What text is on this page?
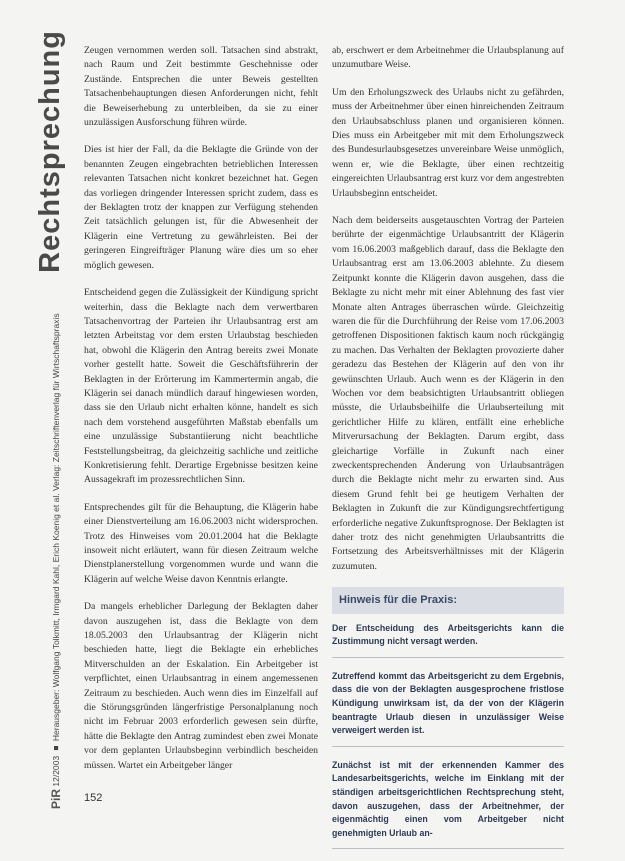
Rechtsprechung
PiR 12/2003 ■ Herausgeber: Wolfgang Tolkmitt, Irmgard Kahl, Erich Koenig et al. Verlag: Zeitschriftenverlag für Wirtschaftspraxis

Zeugen vernommen werden soll. Tatsachen sind abstrakt, nach Raum und Zeit bestimmte Geschehnisse oder Zustände. Entsprechen die unter Beweis gestellten Tatsachenbehauptungen diesen Anforderungen nicht, fehlt die Beweiserhebung zu unterbleiben, da sie zu einer unzulässigen Ausforschung führen würde.

Dies ist hier der Fall, da die Beklagte die Gründe von der benannten Zeugen eingebrachten betrieblichen Interessen relevanten Tatsachen nicht konkret bezeichnet hat. Gegen das vorliegen dringender Interessen spricht zudem, dass es der Beklagten trotz der knappen zur Verfügung stehenden Zeit tatsächlich gelungen ist, für die Abwesenheit der Klägerin eine Vertretung zu gewährleisten. Bei der geringeren Eingreifträger Planung wäre dies um so eher möglich gewesen.

Entscheidend gegen die Zulässigkeit der Kündigung spricht weiterhin, dass die Beklagte nach dem verwertbaren Tatsachenvortrag der Parteien ihr Urlaubsantrag erst am letzten Arbeitstag vor dem ersten Urlaubstag beschieden hat, obwohl die Klägerin den Antrag bereits zwei Monate vorher gestellt hatte. Soweit die Geschäftsführerin der Beklagten in der Erörterung im Kammertermin angab, die Klägerin sei danach mündlich darauf hingewiesen worden, dass sie den Urlaub nicht erhalten könne, handelt es sich nach dem vorstehend ausgeführten Maßstab ebenfalls um eine unzulässige Substantiierung nicht beachtliche Feststellungsbeitrag, da gleichzeitig sachliche und zeitliche Konkretisierung fehlt. Derartige Ergebnisse besitzen keine Aussagekraft im prozessrechtlichen Sinn.

Entsprechendes gilt für die Behauptung, die Klägerin habe einer Dienstverteilung am 16.06.2003 nicht widersprochen. Trotz des Hinweises vom 20.01.2004 hat die Beklagte insoweit nicht erläutert, wann für diesen Zeitraum welche Dienstplanerstellung vorgenommen wurde und wann die Klägerin auf welche Weise davon Kenntnis erlangte.

Da mangels erheblicher Darlegung der Beklagten daher davon auszugehen ist, dass die Beklagte von dem 18.05.2003 den Urlaubsantrag der Klägerin nicht beschieden hatte, liegt die Beklagte ein erhebliches Mitverschulden an der Eskalation. Ein Arbeitgeber ist verpflichtet, einen Urlaubsantrag in einem angemessenen Zeitraum zu beschieden. Auch wenn dies im Einzelfall auf die Störungsgründen längerfristige Personalplanung noch nicht im Februar 2003 erforderlich gewesen sein dürfte, hätte die Beklagte den Antrag zumindest eben zwei Monate vor dem geplanten Urlaubsbeginn verbindlich bescheiden müssen. Wartet ein Arbeitgeber länger

ab, erschwert er dem Arbeitnehmer die Urlaubsplanung auf unzumutbare Weise.

Um den Erholungszweck des Urlaubs nicht zu gefährden, muss der Arbeitnehmer über einen hinreichenden Zeitraum den Urlaubsabschluss planen und organisieren können. Dies muss ein Arbeitgeber mit mit dem Erholungszweck des Bundesurlaubsgesetzes unvereinbare Weise unmöglich, wenn er, wie die Beklagte, über einen rechtzeitig eingereichten Urlaubsantrag erst kurz vor dem angestrebten Urlaubsbeginn entscheidet.

Nach dem beiderseits ausgetauschten Vortrag der Parteien berührte der eigenmächtige Urlaubsantritt der Klägerin vom 16.06.2003 maßgeblich darauf, dass die Beklagte den Urlaubsantrag erst am 13.06.2003 ablehnte. Zu diesem Zeitpunkt konnte die Klägerin davon ausgehen, dass die Beklagte zu nicht mehr mit einer Ablehnung des fast vier Monate alten Antrages überraschen würde. Gleichzeitig waren die für die Durchführung der Reise vom 17.06.2003 getroffenen Dispositionen faktisch kaum noch rückgängig zu machen. Das Verhalten der Beklagten provozierte daher geradezu das Bestehen der Klägerin auf den von ihr gewünschten Urlaub. Auch wenn es der Klägerin in den Wochen vor dem beabsichtigten Urlaubsantritt obliegen müsste, die Urlaubsbeihilfe die Urlaubserteilung mit gerichtlicher Hilfe zu klären, entfällt eine erhebliche Mitverursachung der Beklagten. Darum ergibt, dass gleichartige Vorfälle in Zukunft nach einer zweckentsprechenden Änderung von Urlaubsanträgen durch die Beklagte nicht mehr zu erwarten sind. Aus diesem Grund fehlt bei ge heutigem Verhalten der Beklagten in Zukunft die zur Kündigungsrechtfertigung erforderliche negative Zukunftsprognose. Der Beklagten ist daher trotz des nicht genehmigten Urlaubsantritts die Fortsetzung des Arbeitsverhältnisses mit der Klägerin zuzumuten.

Hinweis für die Praxis:

Der Entscheidung des Arbeitsgerichts kann die Zustimmung nicht versagt werden.

Zutreffend kommt das Arbeitsgericht zu dem Ergebnis, dass die von der Beklagten ausgesprochene fristlose Kündigung unwirksam ist, da der von der Klägerin beantragte Urlaub diesen in unzulässiger Weise verweigert werden ist.

Zunächst ist mit der erkennenden Kammer des Landesarbeitsgerichts, welche im Einklang mit der ständigen arbeitsgerichtlichen Rechtsprechung steht, davon auszugehen, dass der Arbeitnehmer, der eigenmächtig einen vom Arbeitgeber nicht genehmigten Urlaub an-

152
